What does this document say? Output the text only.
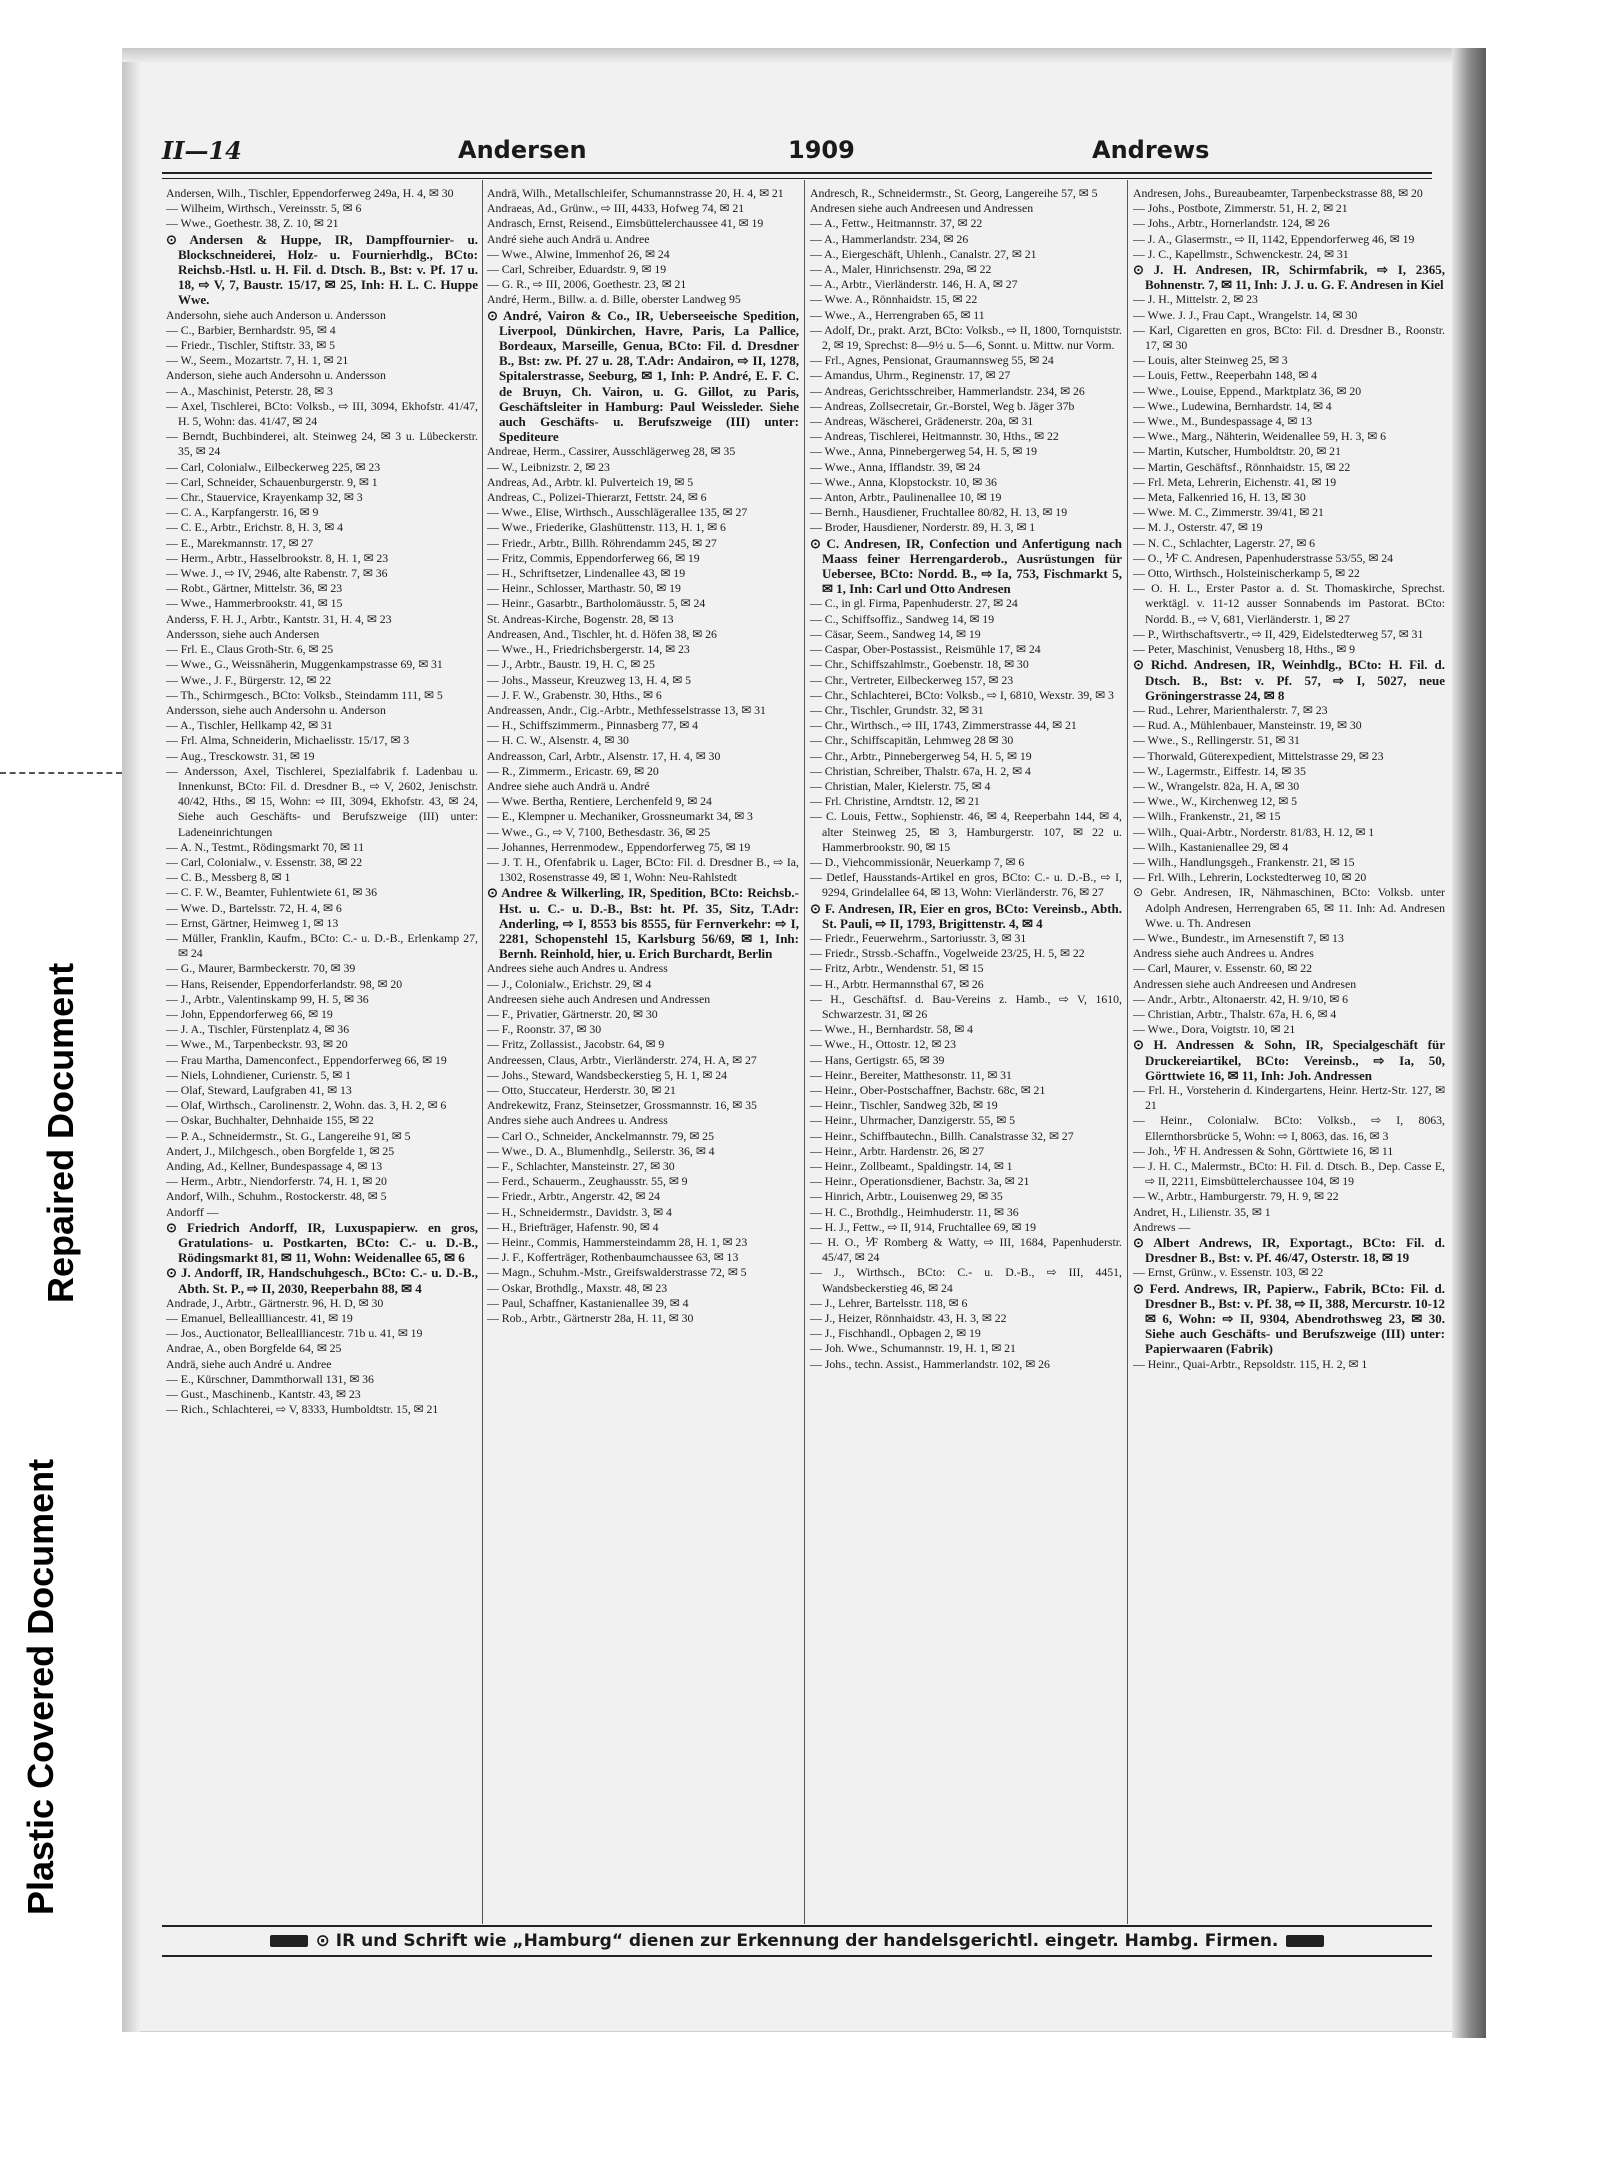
Repaired Document
Plastic Covered Document
II—14	Andersen	1909	Andrews

Andersen, Wilh., Tischler, Eppendorferweg 249a, H. 4, ✉ 30

— Wilheim, Wirthsch., Vereinsstr. 5, ✉ 6

— Wwe., Goethestr. 38, Z. 10, ✉ 21

⊙ Andersen & Huppe, IR, Dampffournier- u. Blockschneiderei, Holz- u. Fournierhdlg., BCto: Reichsb.-Hstl. u. H. Fil. d. Dtsch. B., Bst: v. Pf. 17 u. 18, ⇨ V, 7, Baustr. 15/17, ✉ 25, Inh: H. L. C. Huppe Wwe.

Andersohn, siehe auch Anderson u. Andersson

— C., Barbier, Bernhardstr. 95, ✉ 4

— Friedr., Tischler, Stiftstr. 33, ✉ 5

— W., Seem., Mozartstr. 7, H. 1, ✉ 21

Anderson, siehe auch Andersohn u. Andersson

— A., Maschinist, Peterstr. 28, ✉ 3

— Axel, Tischlerei, BCto: Volksb., ⇨ III, 3094, Ekhofstr. 41/47, H. 5, Wohn: das. 41/47, ✉ 24

— Berndt, Buchbinderei, alt. Steinweg 24, ✉ 3 u. Lübeckerstr. 35, ✉ 24

— Carl, Colonialw., Eilbeckerweg 225, ✉ 23

— Carl, Schneider, Schauenburgerstr. 9, ✉ 1

— Chr., Stauervice, Krayenkamp 32, ✉ 3

— C. A., Karpfangerstr. 16, ✉ 9

— C. E., Arbtr., Erichstr. 8, H. 3, ✉ 4

— E., Marekmannstr. 17, ✉ 27

— Herm., Arbtr., Hasselbrookstr. 8, H. 1, ✉ 23

— Wwe. J., ⇨ IV, 2946, alte Rabenstr. 7, ✉ 36

— Robt., Gärtner, Mittelstr. 36, ✉ 23

— Wwe., Hammerbrookstr. 41, ✉ 15

Anderss, F. H. J., Arbtr., Kantstr. 31, H. 4, ✉ 23

Andersson, siehe auch Andersen

— Frl. E., Claus Groth-Str. 6, ✉ 25

— Wwe., G., Weissnäherin, Muggenkampstrasse 69, ✉ 31

— Wwe., J. F., Bürgerstr. 12, ✉ 22

— Th., Schirmgesch., BCto: Volksb., Steindamm 111, ✉ 5

Andersson, siehe auch Andersohn u. Anderson

— A., Tischler, Hellkamp 42, ✉ 31

— Frl. Alma, Schneiderin, Michaelisstr. 15/17, ✉ 3

— Aug., Tresckowstr. 31, ✉ 19

— Andersson, Axel, Tischlerei, Spezialfabrik f. Ladenbau u. Innenkunst, BCto: Fil. d. Dresdner B., ⇨ V, 2602, Jenischstr. 40/42, Hths., ✉ 15, Wohn: ⇨ III, 3094, Ekhofstr. 43, ✉ 24, Siehe auch Geschäfts- und Berufszweige (III) unter: Ladeneinrichtungen

— A. N., Testmt., Rödingsmarkt 70, ✉ 11

— Carl, Colonialw., v. Essenstr. 38, ✉ 22

— C. B., Messberg 8, ✉ 1

— C. F. W., Beamter, Fuhlentwiete 61, ✉ 36

— Wwe. D., Bartelsstr. 72, H. 4, ✉ 6

— Ernst, Gärtner, Heimweg 1, ✉ 13

— Müller, Franklin, Kaufm., BCto: C.- u. D.-B., Erlenkamp 27, ✉ 24

— G., Maurer, Barmbeckerstr. 70, ✉ 39

— Hans, Reisender, Eppendorferlandstr. 98, ✉ 20

— J., Arbtr., Valentinskamp 99, H. 5, ✉ 36

— John, Eppendorferweg 66, ✉ 19

— J. A., Tischler, Fürstenplatz 4, ✉ 36

— Wwe., M., Tarpenbeckstr. 93, ✉ 20

— Frau Martha, Damenconfect., Eppendorferweg 66, ✉ 19

— Niels, Lohndiener, Curienstr. 5, ✉ 1

— Olaf, Steward, Laufgraben 41, ✉ 13

— Olaf, Wirthsch., Carolinenstr. 2, Wohn. das. 3, H. 2, ✉ 6

— Oskar, Buchhalter, Dehnhaide 155, ✉ 22

— P. A., Schneidermstr., St. G., Langereihe 91, ✉ 5

Andert, J., Milchgesch., oben Borgfelde 1, ✉ 25

Anding, Ad., Kellner, Bundespassage 4, ✉ 13

— Herm., Arbtr., Niendorferstr. 74, H. 1, ✉ 20

Andorf, Wilh., Schuhm., Rostockerstr. 48, ✉ 5

Andorff —

⊙ Friedrich Andorff, IR, Luxuspapierw. en gros, Gratulations- u. Postkarten, BCto: C.- u. D.-B., Rödingsmarkt 81, ✉ 11, Wohn: Weidenallee 65, ✉ 6

⊙ J. Andorff, IR, Handschuhgesch., BCto: C.- u. D.-B., Abth. St. P., ⇨ II, 2030, Reeperbahn 88, ✉ 4

Andrade, J., Arbtr., Gärtnerstr. 96, H. D, ✉ 30

— Emanuel, Belleallliancestr. 41, ✉ 19

— Jos., Auctionator, Belleallliancestr. 71b u. 41, ✉ 19

Andrae, A., oben Borgfelde 64, ✉ 25

Andrä, siehe auch André u. Andree

— E., Kürschner, Dammthorwall 131, ✉ 36

— Gust., Maschinenb., Kantstr. 43, ✉ 23

— Rich., Schlachterei, ⇨ V, 8333, Humboldtstr. 15, ✉ 21

Andrä, Wilh., Metallschleifer, Schumannstrasse 20, H. 4, ✉ 21

Andraeas, Ad., Grünw., ⇨ III, 4433, Hofweg 74, ✉ 21

Andrasch, Ernst, Reisend., Eimsbüttelerchaussee 41, ✉ 19

André siehe auch Andrä u. Andree

— Wwe., Alwine, Immenhof 26, ✉ 24

— Carl, Schreiber, Eduardstr. 9, ✉ 19

— G. R., ⇨ III, 2006, Goethestr. 23, ✉ 21

André, Herm., Billw. a. d. Bille, oberster Landweg 95

⊙ André, Vairon & Co., IR, Ueberseeische Spedition, Liverpool, Dünkirchen, Havre, Paris, La Pallice, Bordeaux, Marseille, Genua, BCto: Fil. d. Dresdner B., Bst: zw. Pf. 27 u. 28, T.Adr: Andairon, ⇨ II, 1278, Spitalerstrasse, Seeburg, ✉ 1, Inh: P. André, E. F. C. de Bruyn, Ch. Vairon, u. G. Gillot, zu Paris, Geschäftsleiter in Hamburg: Paul Weissleder. Siehe auch Geschäfts- u. Berufszweige (III) unter: Spediteure

Andreae, Herm., Cassirer, Ausschlägerweg 28, ✉ 35

— W., Leibnizstr. 2, ✉ 23

Andreas, Ad., Arbtr. kl. Pulverteich 19, ✉ 5

Andreas, C., Polizei-Thierarzt, Fettstr. 24, ✉ 6

— Wwe., Elise, Wirthsch., Ausschlägerallee 135, ✉ 27

— Wwe., Friederike, Glashüttenstr. 113, H. 1, ✉ 6

— Friedr., Arbtr., Billh. Röhrendamm 245, ✉ 27

— Fritz, Commis, Eppendorferweg 66, ✉ 19

— H., Schriftsetzer, Lindenallee 43, ✉ 19

— Heinr., Schlosser, Marthastr. 50, ✉ 19

— Heinr., Gasarbtr., Bartholomäusstr. 5, ✉ 24

St. Andreas-Kirche, Bogenstr. 28, ✉ 13

Andreasen, And., Tischler, ht. d. Höfen 38, ✉ 26

— Wwe., H., Friedrichsbergerstr. 14, ✉ 23

— J., Arbtr., Baustr. 19, H. C, ✉ 25

— Johs., Masseur, Kreuzweg 13, H. 4, ✉ 5

— J. F. W., Grabenstr. 30, Hths., ✉ 6

Andreassen, Andr., Cig.-Arbtr., Methfesselstrasse 13, ✉ 31

— H., Schiffszimmerm., Pinnasberg 77, ✉ 4

— H. C. W., Alsenstr. 4, ✉ 30

Andreasson, Carl, Arbtr., Alsenstr. 17, H. 4, ✉ 30

— R., Zimmerm., Ericastr. 69, ✉ 20

Andree siehe auch Andrä u. André

— Wwe. Bertha, Rentiere, Lerchenfeld 9, ✉ 24

— E., Klempner u. Mechaniker, Grossneumarkt 34, ✉ 3

— Wwe., G., ⇨ V, 7100, Bethesdastr. 36, ✉ 25

— Johannes, Herrenmodew., Eppendorferweg 75, ✉ 19

— J. T. H., Ofenfabrik u. Lager, BCto: Fil. d. Dresdner B., ⇨ Ia, 1302, Rosenstrasse 49, ✉ 1, Wohn: Neu-Rahlstedt

⊙ Andree & Wilkerling, IR, Spedition, BCto: Reichsb.-Hst. u. C.- u. D.-B., Bst: ht. Pf. 35, Sitz, T.Adr: Anderling, ⇨ I, 8553 bis 8555, für Fernverkehr: ⇨ I, 2281, Schopenstehl 15, Karlsburg 56/69, ✉ 1, Inh: Bernh. Reinhold, hier, u. Erich Burchardt, Berlin

Andrees siehe auch Andres u. Andress

— J., Colonialw., Erichstr. 29, ✉ 4

Andreesen siehe auch Andresen und Andressen

— F., Privatier, Gärtnerstr. 20, ✉ 30

— F., Roonstr. 37, ✉ 30

— Fritz, Zollassist., Jacobstr. 64, ✉ 9

Andreessen, Claus, Arbtr., Vierländerstr. 274, H. A, ✉ 27

— Johs., Steward, Wandsbeckerstieg 5, H. 1, ✉ 24

— Otto, Stuccateur, Herderstr. 30, ✉ 21

Andrekewitz, Franz, Steinsetzer, Grossmannstr. 16, ✉ 35

Andres siehe auch Andrees u. Andress

— Carl O., Schneider, Anckelmannstr. 79, ✉ 25

— Wwe., D. A., Blumenhdlg., Seilerstr. 36, ✉ 4

— F., Schlachter, Mansteinstr. 27, ✉ 30

— Ferd., Schauerm., Zeughausstr. 55, ✉ 9

— Friedr., Arbtr., Angerstr. 42, ✉ 24

— H., Schneidermstr., Davidstr. 3, ✉ 4

— H., Briefträger, Hafenstr. 90, ✉ 4

— Heinr., Commis, Hammersteindamm 28, H. 1, ✉ 23

— J. F., Kofferträger, Rothenbaumchaussee 63, ✉ 13

— Magn., Schuhm.-Mstr., Greifswalderstrasse 72, ✉ 5

— Oskar, Brothdlg., Maxstr. 48, ✉ 23

— Paul, Schaffner, Kastanienallee 39, ✉ 4

— Rob., Arbtr., Gärtnerstr 28a, H. 11, ✉ 30

Andresch, R., Schneidermstr., St. Georg, Langereihe 57, ✉ 5

Andresen siehe auch Andreesen und Andressen

— A., Fettw., Heitmannstr. 37, ✉ 22

— A., Hammerlandstr. 234, ✉ 26

— A., Eiergeschäft, Uhlenh., Canalstr. 27, ✉ 21

— A., Maler, Hinrichsenstr. 29a, ✉ 22

— A., Arbtr., Vierländerstr. 146, H. A, ✉ 27

— Wwe. A., Rönnhaidstr. 15, ✉ 22

— Wwe., A., Herrengraben 65, ✉ 11

— Adolf, Dr., prakt. Arzt, BCto: Volksb., ⇨ II, 1800, Tornquiststr. 2, ✉ 19, Sprechst: 8—9½ u. 5—6, Sonnt. u. Mittw. nur Vorm.

— Frl., Agnes, Pensionat, Graumannsweg 55, ✉ 24

— Amandus, Uhrm., Reginenstr. 17, ✉ 27

— Andreas, Gerichtsschreiber, Hammerlandstr. 234, ✉ 26

— Andreas, Zollsecretair, Gr.-Borstel, Weg b. Jäger 37b

— Andreas, Wäscherei, Grädenerstr. 20a, ✉ 31

— Andreas, Tischlerei, Heitmannstr. 30, Hths., ✉ 22

— Wwe., Anna, Pinnebergerweg 54, H. 5, ✉ 19

— Wwe., Anna, Ifflandstr. 39, ✉ 24

— Wwe., Anna, Klopstockstr. 10, ✉ 36

— Anton, Arbtr., Paulinenallee 10, ✉ 19

— Bernh., Hausdiener, Fruchtallee 80/82, H. 13, ✉ 19

— Broder, Hausdiener, Norderstr. 89, H. 3, ✉ 1

⊙ C. Andresen, IR, Confection und Anfertigung nach Maass feiner Herrengarderob., Ausrüstungen für Uebersee, BCto: Nordd. B., ⇨ Ia, 753, Fischmarkt 5, ✉ 1, Inh: Carl und Otto Andresen

— C., in gl. Firma, Papenhuderstr. 27, ✉ 24

— C., Schiffsoffiz., Sandweg 14, ✉ 19

— Cäsar, Seem., Sandweg 14, ✉ 19

— Caspar, Ober-Postassist., Reismühle 17, ✉ 24

— Chr., Schiffszahlmstr., Goebenstr. 18, ✉ 30

— Chr., Vertreter, Eilbeckerweg 157, ✉ 23

— Chr., Schlachterei, BCto: Volksb., ⇨ I, 6810, Wexstr. 39, ✉ 3

— Chr., Tischler, Grundstr. 32, ✉ 31

— Chr., Wirthsch., ⇨ III, 1743, Zimmerstrasse 44, ✉ 21

— Chr., Schiffscapitän, Lehmweg 28 ✉ 30

— Chr., Arbtr., Pinnebergerweg 54, H. 5, ✉ 19

— Christian, Schreiber, Thalstr. 67a, H. 2, ✉ 4

— Christian, Maler, Kielerstr. 75, ✉ 4

— Frl. Christine, Arndtstr. 12, ✉ 21

— C. Louis, Fettw., Sophienstr. 46, ✉ 4, Reeperbahn 144, ✉ 4, alter Steinweg 25, ✉ 3, Hamburgerstr. 107, ✉ 22 u. Hammerbrookstr. 90, ✉ 15

— D., Viehcommissionär, Neuerkamp 7, ✉ 6

— Detlef, Hausstands-Artikel en gros, BCto: C.- u. D.-B., ⇨ I, 9294, Grindelallee 64, ✉ 13, Wohn: Vierländerstr. 76, ✉ 27

⊙ F. Andresen, IR, Eier en gros, BCto: Vereinsb., Abth. St. Pauli, ⇨ II, 1793, Brigittenstr. 4, ✉ 4

— Friedr., Feuerwehrm., Sartoriusstr. 3, ✉ 31

— Friedr., Strssb.-Schaffn., Vogelweide 23/25, H. 5, ✉ 22

— Fritz, Arbtr., Wendenstr. 51, ✉ 15

— H., Arbtr. Hermannsthal 67, ✉ 26

— H., Geschäftsf. d. Bau-Vereins z. Hamb., ⇨ V, 1610, Schwarzestr. 31, ✉ 26

— Wwe., H., Bernhardstr. 58, ✉ 4

— Wwe., H., Ottostr. 12, ✉ 23

— Hans, Gertigstr. 65, ✉ 39

— Heinr., Bereiter, Matthesonstr. 11, ✉ 31

— Heinr., Ober-Postschaffner, Bachstr. 68c, ✉ 21

— Heinr., Tischler, Sandweg 32b, ✉ 19

— Heinr., Uhrmacher, Danzigerstr. 55, ✉ 5

— Heinr., Schiffbautechn., Billh. Canalstrasse 32, ✉ 27

— Heinr., Arbtr. Hardenstr. 26, ✉ 27

— Heinr., Zollbeamt., Spaldingstr. 14, ✉ 1

— Heinr., Operationsdiener, Bachstr. 3a, ✉ 21

— Hinrich, Arbtr., Louisenweg 29, ✉ 35

— H. C., Brothdlg., Heimhuderstr. 11, ✉ 36

— H. J., Fettw., ⇨ II, 914, Fruchtallee 69, ✉ 19

— H. O., ⅟F Romberg & Watty, ⇨ III, 1684, Papenhuderstr. 45/47, ✉ 24

— J., Wirthsch., BCto: C.- u. D.-B., ⇨ III, 4451, Wandsbeckerstieg 46, ✉ 24

— J., Lehrer, Bartelsstr. 118, ✉ 6

— J., Heizer, Rönnhaidstr. 43, H. 3, ✉ 22

— J., Fischhandl., Opbagen 2, ✉ 19

— Joh. Wwe., Schumannstr. 19, H. 1, ✉ 21

— Johs., techn. Assist., Hammerlandstr. 102, ✉ 26

Andresen, Johs., Bureaubeamter, Tarpenbeckstrasse 88, ✉ 20

— Johs., Postbote, Zimmerstr. 51, H. 2, ✉ 21

— Johs., Arbtr., Hornerlandstr. 124, ✉ 26

— J. A., Glasermstr., ⇨ II, 1142, Eppendorferweg 46, ✉ 19

— J. C., Kapellmstr., Schwenckestr. 24, ✉ 31

⊙ J. H. Andresen, IR, Schirmfabrik, ⇨ I, 2365, Bohnenstr. 7, ✉ 11, Inh: J. J. u. G. F. Andresen in Kiel

— J. H., Mittelstr. 2, ✉ 23

— Wwe. J. J., Frau Capt., Wrangelstr. 14, ✉ 30

— Karl, Cigaretten en gros, BCto: Fil. d. Dresdner B., Roonstr. 17, ✉ 30

— Louis, alter Steinweg 25, ✉ 3

— Louis, Fettw., Reeperbahn 148, ✉ 4

— Wwe., Louise, Eppend., Marktplatz 36, ✉ 20

— Wwe., Ludewina, Bernhardstr. 14, ✉ 4

— Wwe., M., Bundespassage 4, ✉ 13

— Wwe., Marg., Nähterin, Weidenallee 59, H. 3, ✉ 6

— Martin, Kutscher, Humboldtstr. 20, ✉ 21

— Martin, Geschäftsf., Rönnhaidstr. 15, ✉ 22

— Frl. Meta, Lehrerin, Eichenstr. 41, ✉ 19

— Meta, Falkenried 16, H. 13, ✉ 30

— Wwe. M. C., Zimmerstr. 39/41, ✉ 21

— M. J., Osterstr. 47, ✉ 19

— N. C., Schlachter, Lagerstr. 27, ✉ 6

— O., ⅟F C. Andresen, Papenhuderstrasse 53/55, ✉ 24

— Otto, Wirthsch., Holsteinischerkamp 5, ✉ 22

— O. H. L., Erster Pastor a. d. St. Thomaskirche, Sprechst. werktägl. v. 11-12 ausser Sonnabends im Pastorat. BCto: Nordd. B., ⇨ V, 681, Vierländerstr. 1, ✉ 27

— P., Wirthschaftsvertr., ⇨ II, 429, Eidelstedterweg 57, ✉ 31

— Peter, Maschinist, Venusberg 18, Hths., ✉ 9

⊙ Richd. Andresen, IR, Weinhdlg., BCto: H. Fil. d. Dtsch. B., Bst: v. Pf. 57, ⇨ I, 5027, neue Gröningerstrasse 24, ✉ 8

— Rud., Lehrer, Marienthalerstr. 7, ✉ 23

— Rud. A., Mühlenbauer, Mansteinstr. 19, ✉ 30

— Wwe., S., Rellingerstr. 51, ✉ 31

— Thorwald, Güterexpedient, Mittelstrasse 29, ✉ 23

— W., Lagermstr., Eiffestr. 14, ✉ 35

— W., Wrangelstr. 82a, H. A, ✉ 30

— Wwe., W., Kirchenweg 12, ✉ 5

— Wilh., Frankenstr., 21, ✉ 15

— Wilh., Quai-Arbtr., Norderstr. 81/83, H. 12, ✉ 1

— Wilh., Kastanienallee 29, ✉ 4

— Wilh., Handlungsgeh., Frankenstr. 21, ✉ 15

— Frl. Wilh., Lehrerin, Lockstedterweg 10, ✉ 20

⊙ Gebr. Andresen, IR, Nähmaschinen, BCto: Volksb. unter Adolph Andresen, Herrengraben 65, ✉ 11. Inh: Ad. Andresen Wwe. u. Th. Andresen

— Wwe., Bundestr., im Arnesenstift 7, ✉ 13

Andress siehe auch Andrees u. Andres

— Carl, Maurer, v. Essenstr. 60, ✉ 22

Andressen siehe auch Andreesen und Andresen

— Andr., Arbtr., Altonaerstr. 42, H. 9/10, ✉ 6

— Christian, Arbtr., Thalstr. 67a, H. 6, ✉ 4

— Wwe., Dora, Voigtstr. 10, ✉ 21

⊙ H. Andressen & Sohn, IR, Specialgeschäft für Druckereiartikel, BCto: Vereinsb., ⇨ Ia, 50, Görttwiete 16, ✉ 11, Inh: Joh. Andressen

— Frl. H., Vorsteherin d. Kindergartens, Heinr. Hertz-Str. 127, ✉ 21

— Heinr., Colonialw. BCto: Volksb., ⇨ I, 8063, Ellernthorsbrücke 5, Wohn: ⇨ I, 8063, das. 16, ✉ 3

— Joh., ⅟F H. Andressen & Sohn, Görttwiete 16, ✉ 11

— J. H. C., Malermstr., BCto: H. Fil. d. Dtsch. B., Dep. Casse E, ⇨ II, 2211, Eimsbüttelerchaussee 104, ✉ 19

— W., Arbtr., Hamburgerstr. 79, H. 9, ✉ 22

Andret, H., Lilienstr. 35, ✉ 1

Andrews —

⊙ Albert Andrews, IR, Exportagt., BCto: Fil. d. Dresdner B., Bst: v. Pf. 46/47, Osterstr. 18, ✉ 19

— Ernst, Grünw., v. Essenstr. 103, ✉ 22

⊙ Ferd. Andrews, IR, Papierw., Fabrik, BCto: Fil. d. Dresdner B., Bst: v. Pf. 38, ⇨ II, 388, Mercurstr. 10-12 ✉ 6, Wohn: ⇨ II, 9304, Abendrothsweg 23, ✉ 30. Siehe auch Geschäfts- und Berufszweige (III) unter: Papierwaaren (Fabrik)

— Heinr., Quai-Arbtr., Repsoldstr. 115, H. 2, ✉ 1

⊙ IR und Schrift wie „Hamburg“ dienen zur Erkennung der handelsgerichtl. eingetr. Hambg. Firmen.
